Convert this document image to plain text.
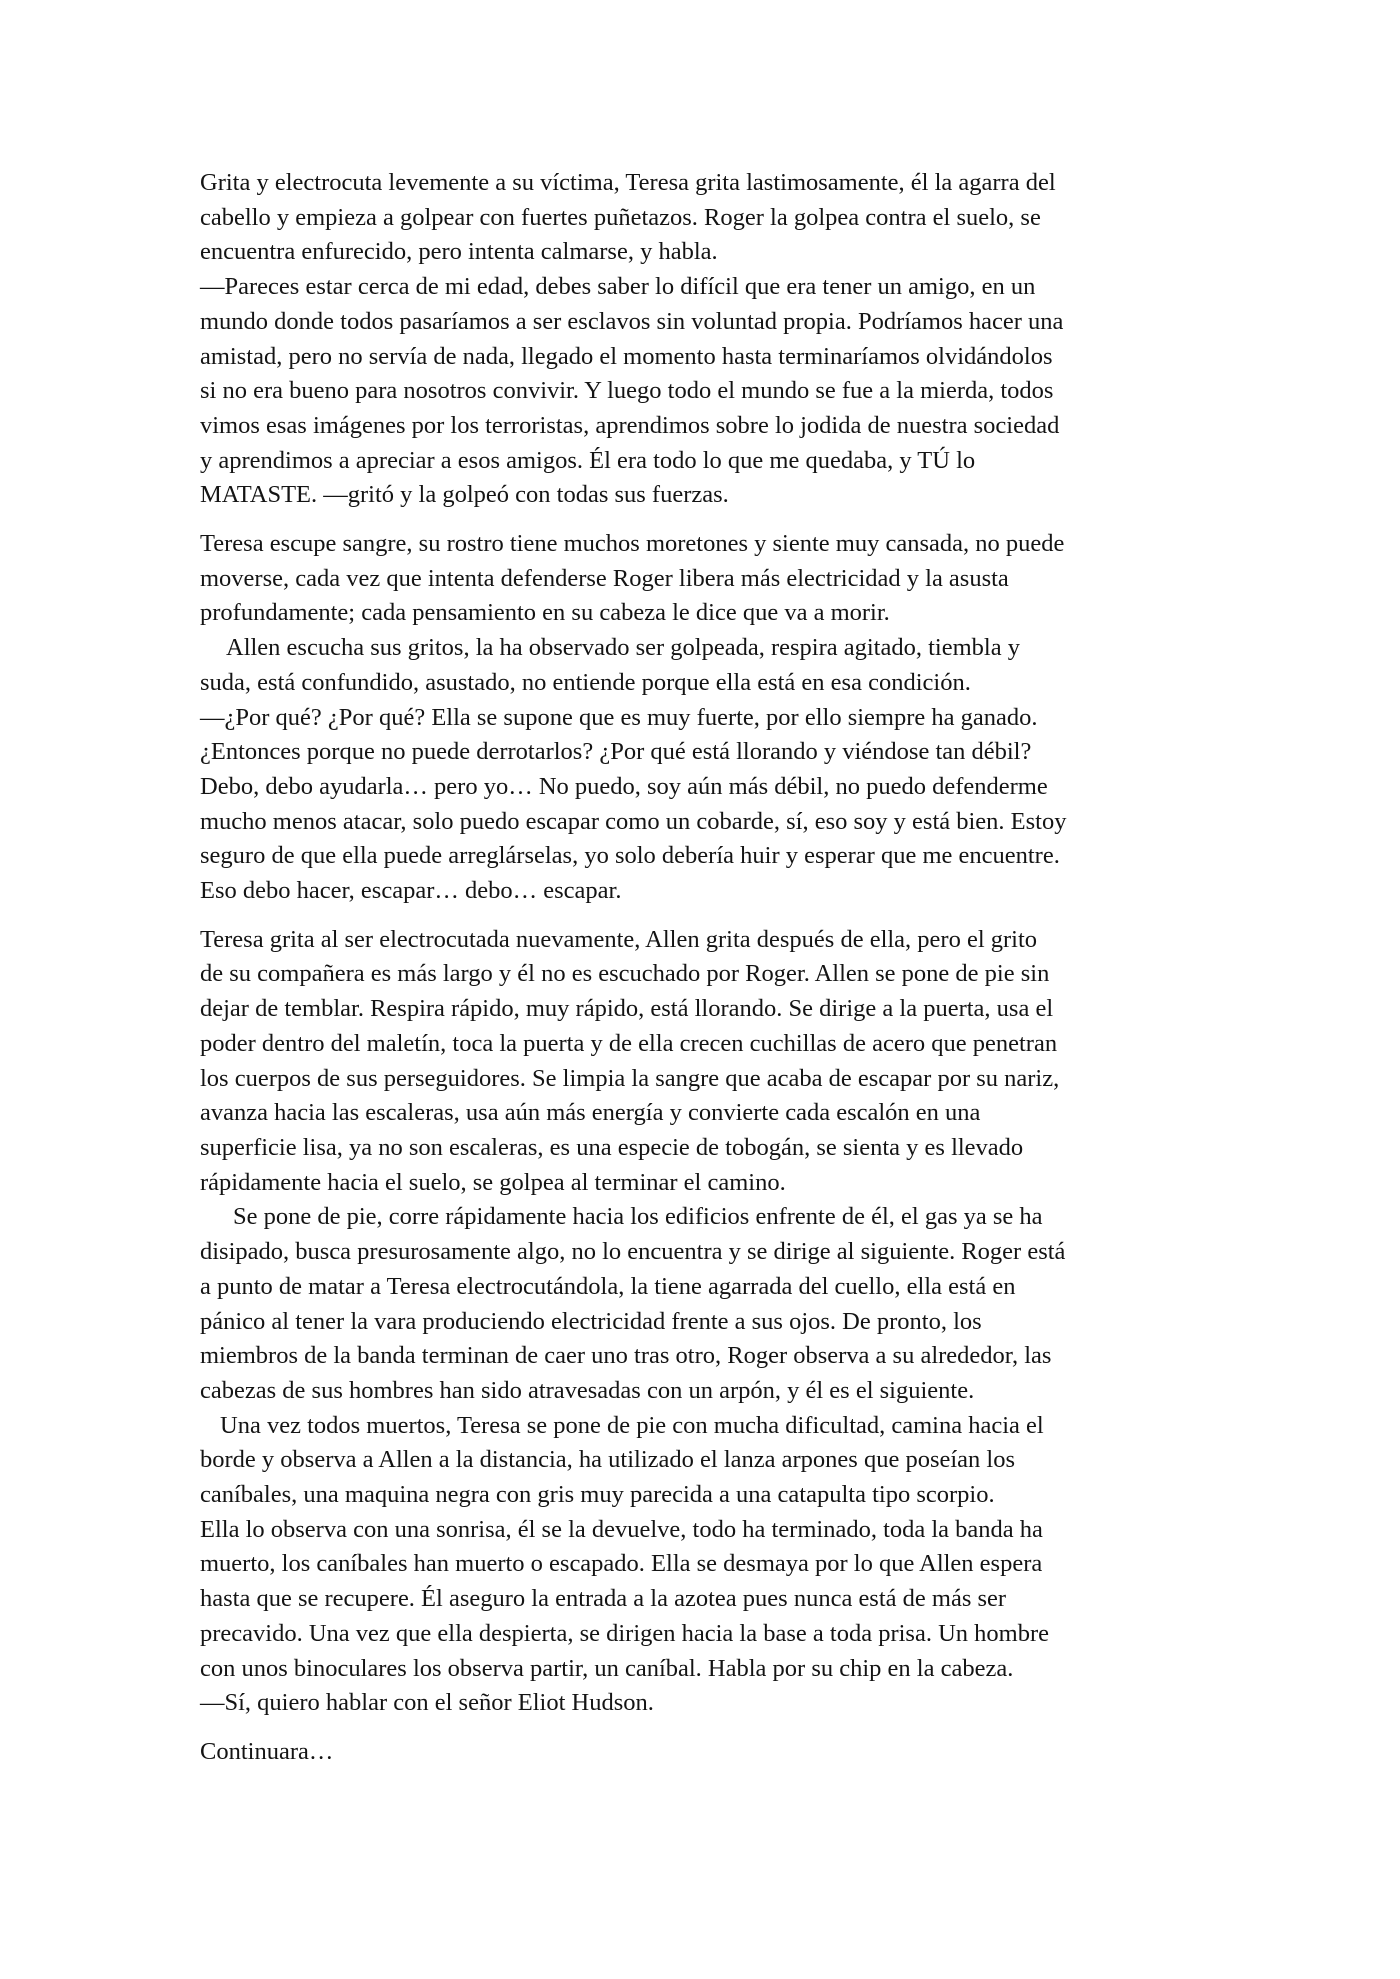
Grita y electrocuta levemente a su víctima, Teresa grita lastimosamente, él la agarra del
cabello y empieza a golpear con fuertes puñetazos. Roger la golpea contra el suelo, se
encuentra enfurecido, pero intenta calmarse, y habla.
—Pareces estar cerca de mi edad, debes saber lo difícil que era tener un amigo, en un
mundo donde todos pasaríamos a ser esclavos sin voluntad propia. Podríamos hacer una
amistad, pero no servía de nada, llegado el momento hasta terminaríamos olvidándolos
si no era bueno para nosotros convivir. Y luego todo el mundo se fue a la mierda, todos
vimos esas imágenes por los terroristas, aprendimos sobre lo jodida de nuestra sociedad
y aprendimos a apreciar a esos amigos. Él era todo lo que me quedaba, y TÚ lo
MATASTE. —gritó y la golpeó con todas sus fuerzas.
Teresa escupe sangre, su rostro tiene muchos moretones y siente muy cansada, no puede
moverse, cada vez que intenta defenderse Roger libera más electricidad y la asusta
profundamente; cada pensamiento en su cabeza le dice que va a morir.
Allen escucha sus gritos, la ha observado ser golpeada, respira agitado, tiembla y
suda, está confundido, asustado, no entiende porque ella está en esa condición.
—¿Por qué? ¿Por qué? Ella se supone que es muy fuerte, por ello siempre ha ganado.
¿Entonces porque no puede derrotarlos? ¿Por qué está llorando y viéndose tan débil?
Debo, debo ayudarla… pero yo… No puedo, soy aún más débil, no puedo defenderme
mucho menos atacar, solo puedo escapar como un cobarde, sí, eso soy y está bien. Estoy
seguro de que ella puede arreglárselas, yo solo debería huir y esperar que me encuentre.
Eso debo hacer, escapar… debo… escapar.
Teresa grita al ser electrocutada nuevamente, Allen grita después de ella, pero el grito
de su compañera es más largo y él no es escuchado por Roger. Allen se pone de pie sin
dejar de temblar. Respira rápido, muy rápido, está llorando. Se dirige a la puerta, usa el
poder dentro del maletín, toca la puerta y de ella crecen cuchillas de acero que penetran
los cuerpos de sus perseguidores. Se limpia la sangre que acaba de escapar por su nariz,
avanza hacia las escaleras, usa aún más energía y convierte cada escalón en una
superficie lisa, ya no son escaleras, es una especie de tobogán, se sienta y es llevado
rápidamente hacia el suelo, se golpea al terminar el camino.
Se pone de pie, corre rápidamente hacia los edificios enfrente de él, el gas ya se ha
disipado, busca presurosamente algo, no lo encuentra y se dirige al siguiente. Roger está
a punto de matar a Teresa electrocutándola, la tiene agarrada del cuello, ella está en
pánico al tener la vara produciendo electricidad frente a sus ojos. De pronto, los
miembros de la banda terminan de caer uno tras otro, Roger observa a su alrededor, las
cabezas de sus hombres han sido atravesadas con un arpón, y él es el siguiente.
Una vez todos muertos, Teresa se pone de pie con mucha dificultad, camina hacia el
borde y observa a Allen a la distancia, ha utilizado el lanza arpones que poseían los
caníbales, una maquina negra con gris muy parecida a una catapulta tipo scorpio.
Ella lo observa con una sonrisa, él se la devuelve, todo ha terminado, toda la banda ha
muerto, los caníbales han muerto o escapado. Ella se desmaya por lo que Allen espera
hasta que se recupere. Él aseguro la entrada a la azotea pues nunca está de más ser
precavido. Una vez que ella despierta, se dirigen hacia la base a toda prisa. Un hombre
con unos binoculares los observa partir, un caníbal. Habla por su chip en la cabeza.
—Sí, quiero hablar con el señor Eliot Hudson.
Continuara…
